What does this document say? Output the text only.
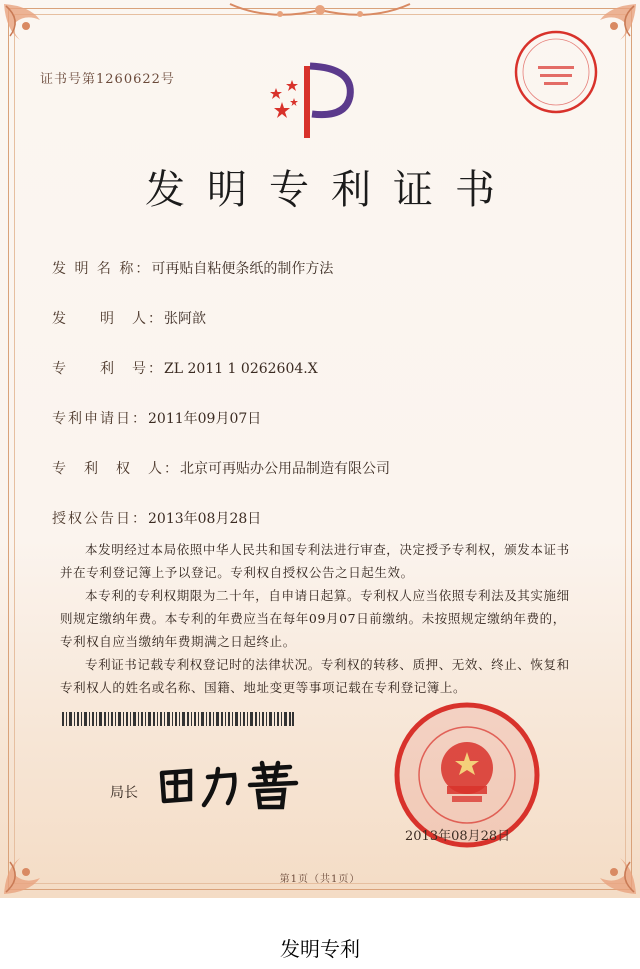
证书号第1260622号
发明专利证书
发 明 名 称：可再贴自粘便条纸的制作方法
发　　明　人：张阿歆
专　　利　号：ZL 2011 1 0262604.X
专利申请日：2011年09月07日
专　利　权　人：北京可再贴办公用品制造有限公司
授权公告日：2013年08月28日

本发明经过本局依照中华人民共和国专利法进行审查，决定授予专利权，颁发本证书并在专利登记簿上予以登记。专利权自授权公告之日起生效。

本专利的专利权期限为二十年，自申请日起算。专利权人应当依照专利法及其实施细则规定缴纳年费。本专利的年费应当在每年09月07日前缴纳。未按照规定缴纳年费的，专利权自应当缴纳年费期满之日起终止。

专利证书记载专利权登记时的法律状况。专利权的转移、质押、无效、终止、恢复和专利权人的姓名或名称、国籍、地址变更等事项记载在专利登记簿上。

局长
2013年08月28日
第1页（共1页）
发明专利
